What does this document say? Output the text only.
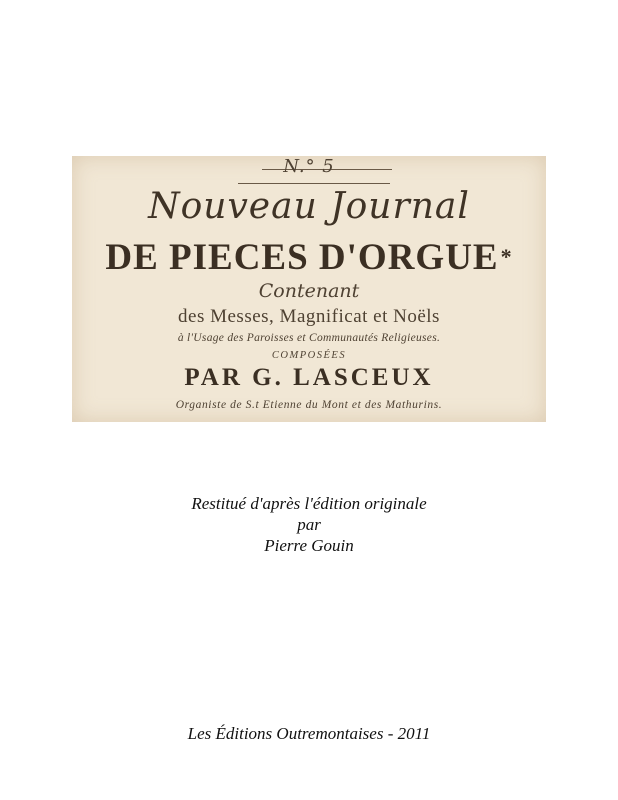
N.° 5
Nouveau Journal
DE PIECES D'ORGUE*
Contenant
des Messes, Magnificat et Noëls
à l'Usage des Paroisses et Communautés Religieuses.
COMPOSÉES
PAR G. LASCEUX
Organiste de S.t Etienne du Mont et des Mathurins.
Restitué d'après l'édition originale
par
Pierre Gouin
Les Éditions Outremontaises - 2011
